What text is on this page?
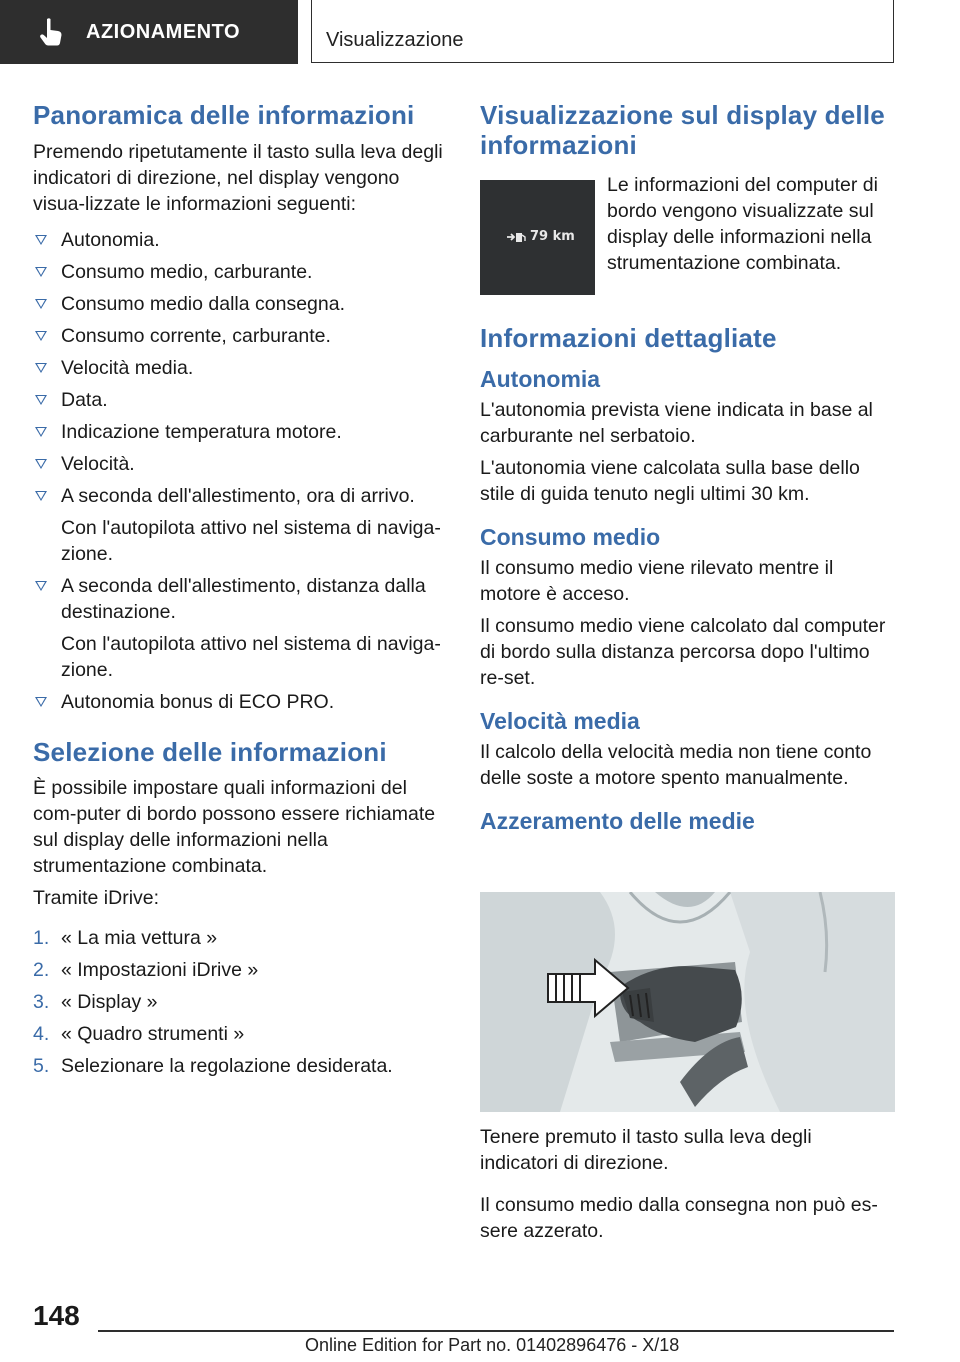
AZIONAMENTO	Visualizzazione
Panoramica delle informazioni

Premendo ripetutamente il tasto sulla leva degli indicatori di direzione, nel display vengono visua-lizzate le informazioni seguenti:

Autonomia.
Consumo medio, carburante.
Consumo medio dalla consegna.
Consumo corrente, carburante.
Velocità media.
Data.
Indicazione temperatura motore.
Velocità.
A seconda dell'allestimento, ora di arrivo.
Con l'autopilota attivo nel sistema di naviga-zione.
A seconda dell'allestimento, distanza dalla destinazione.
Con l'autopilota attivo nel sistema di naviga-zione.
Autonomia bonus di ECO PRO.
Selezione delle informazioni

È possibile impostare quali informazioni del com-puter di bordo possono essere richiamate sul display delle informazioni nella strumentazione combinata.

Tramite iDrive:

1. « La mia vettura »
2. « Impostazioni iDrive »
3. « Display »
4. « Quadro strumenti »
5. Selezionare la regolazione desiderata.
Visualizzazione sul display delle informazioni

Le informazioni del computer di bordo vengono visualizzate sul display delle informazioni nella strumentazione combinata.

Informazioni dettagliate
Autonomia

L'autonomia prevista viene indicata in base al carburante nel serbatoio.

L'autonomia viene calcolata sulla base dello stile di guida tenuto negli ultimi 30 km.

Consumo medio

Il consumo medio viene rilevato mentre il motore è acceso.

Il consumo medio viene calcolato dal computer di bordo sulla distanza percorsa dopo l'ultimo re-set.

Velocità media

Il calcolo della velocità media non tiene conto delle soste a motore spento manualmente.

Azzeramento delle medie
79 km

Tenere premuto il tasto sulla leva degli indicatori di direzione.

Il consumo medio dalla consegna non può es-sere azzerato.

148
Online Edition for Part no. 01402896476 - X/18
